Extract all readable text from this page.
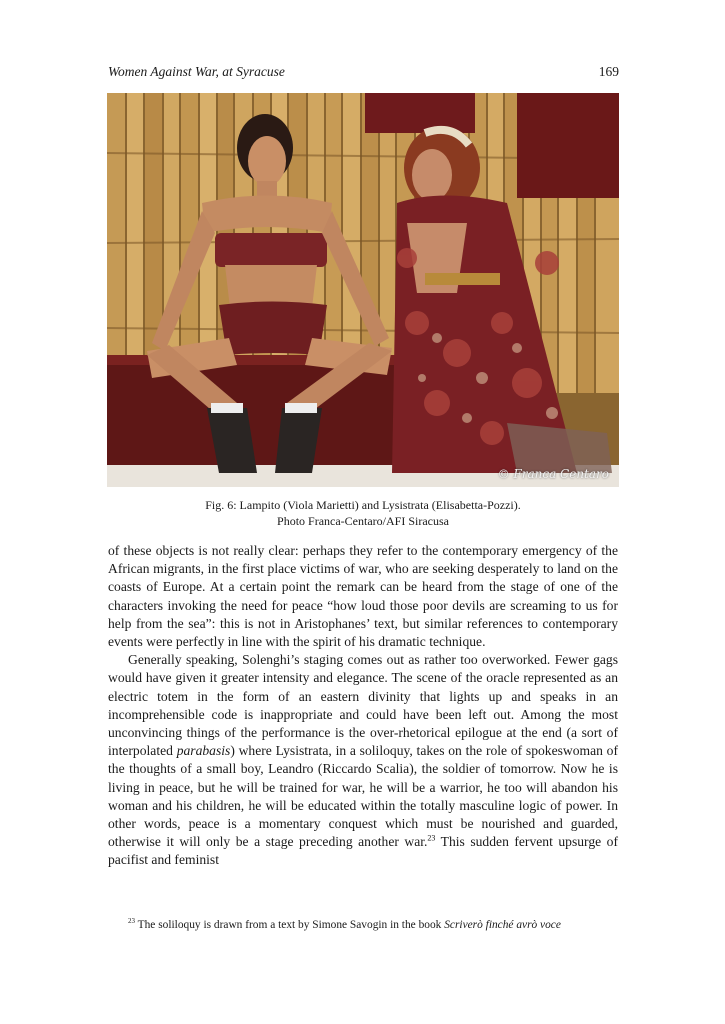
Women Against War, at Syracuse	169
© Franca Centaro
Fig. 6: Lampito (Viola Marietti) and Lysistrata (Elisabetta-Pozzi).
Photo Franca-Centaro/AFI Siracusa

of these objects is not really clear: perhaps they refer to the contemporary emergency of the African migrants, in the first place victims of war, who are seeking desperately to land on the coasts of Europe. At a certain point the remark can be heard from the stage of one of the characters invoking the need for peace “how loud those poor devils are screaming to us for help from the sea”: this is not in Aristophanes’ text, but similar references to contemporary events were perfectly in line with the spirit of his dramatic technique.

Generally speaking, Solenghi’s staging comes out as rather too overworked. Fewer gags would have given it greater intensity and elegance. The scene of the oracle represented as an electric totem in the form of an eastern divinity that lights up and speaks in an incomprehensible code is inappropriate and could have been left out. Among the most unconvincing things of the performance is the over-rhetorical epilogue at the end (a sort of interpolated parabasis) where Lysistrata, in a soliloquy, takes on the role of spokeswoman of the thoughts of a small boy, Leandro (Riccardo Scalia), the soldier of tomorrow. Now he is living in peace, but he will be trained for war, he will be a warrior, he too will abandon his woman and his children, he will be educated within the totally masculine logic of power. In other words, peace is a momentary conquest which must be nourished and guarded, otherwise it will only be a stage preceding another war.$^{23}$ This sudden fervent upsurge of pacifist and feminist

$^{23}$ The soliloquy is drawn from a text by Simone Savogin in the book Scriverò finché avrò voce
